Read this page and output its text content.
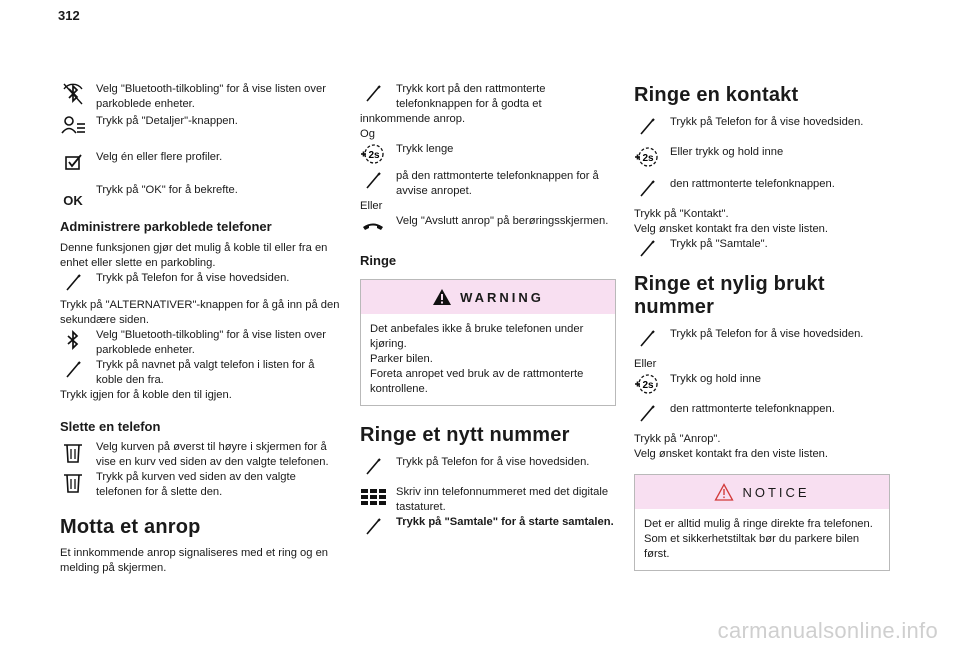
312
Velg "Bluetooth-tilkobling" for å vise listen over parkoblede enheter.
Trykk på "Detaljer"-knappen.
Velg én eller flere profiler.
OK
Trykk på "OK" for å bekrefte.
Administrere parkoblede telefoner

Denne funksjonen gjør det mulig å koble til eller fra en enhet eller slette en parkobling.

Trykk på Telefon for å vise hovedsiden.

Trykk på "ALTERNATIVER"-knappen for å gå inn på den sekundære siden.

Velg "Bluetooth-tilkobling" for å vise listen over parkoblede enheter.
Trykk på navnet på valgt telefon i listen for å koble den fra.

Trykk igjen for å koble den til igjen.

Slette en telefon
Velg kurven på øverst til høyre i skjermen for å vise en kurv ved siden av den valgte telefonen.
Trykk på kurven ved siden av den valgte telefonen for å slette den.
Motta et anrop

Et innkommende anrop signaliseres med et ring og en melding på skjermen.

Trykk kort på den rattmonterte telefonknappen for å godta et

innkommende anrop.

Og

2s
Trykk lenge
på den rattmonterte telefonknappen for å avvise anropet.

Eller

Velg "Avslutt anrop" på berøringsskjermen.
Ringe
WARNING
Det anbefales ikke å bruke telefonen under kjøring.
Parker bilen.
Foreta anropet ved bruk av de rattmonterte kontrollene.
Ringe et nytt nummer
Trykk på Telefon for å vise hovedsiden.
Skriv inn telefonnummeret med det digitale tastaturet.
Trykk på "Samtale" for å starte samtalen.
Ringe en kontakt
Trykk på Telefon for å vise hovedsiden.
2s
Eller trykk og hold inne
den rattmonterte telefonknappen.

Trykk på "Kontakt".

Velg ønsket kontakt fra den viste listen.

Trykk på "Samtale".
Ringe et nylig brukt nummer
Trykk på Telefon for å vise hovedsiden.

Eller

2s
Trykk og hold inne
den rattmonterte telefonknappen.

Trykk på "Anrop".

Velg ønsket kontakt fra den viste listen.

NOTICE
Det er alltid mulig å ringe direkte fra telefonen. Som et sikkerhetstiltak bør du parkere bilen først.
carmanualsonline.info
